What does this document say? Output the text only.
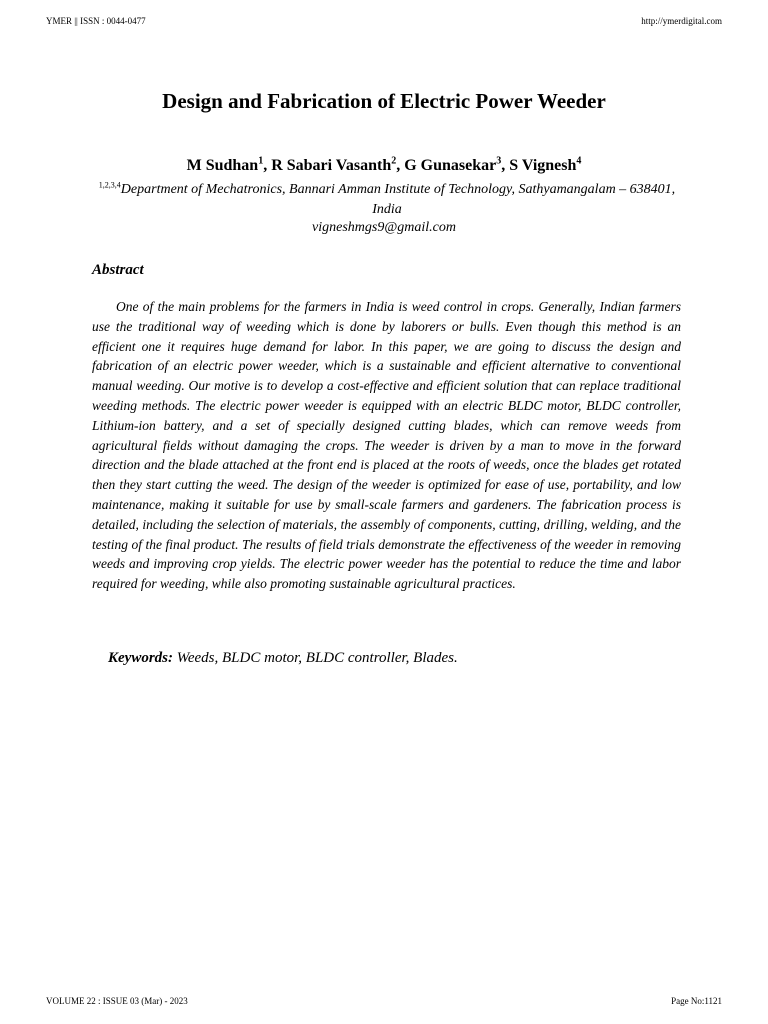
YMER || ISSN : 0044-0477	http://ymerdigital.com
Design and Fabrication of Electric Power Weeder
M Sudhan$^1$, R Sabari Vasanth$^2$, G Gunasekar$^3$, S Vignesh$^4$
$^{1,2,3,4}$Department of Mechatronics, Bannari Amman Institute of Technology, Sathyamangalam – 638401, India
vigneshmgs9@gmail.com
Abstract

One of the main problems for the farmers in India is weed control in crops. Generally, Indian farmers use the traditional way of weeding which is done by laborers or bulls. Even though this method is an efficient one it requires huge demand for labor. In this paper, we are going to discuss the design and fabrication of an electric power weeder, which is a sustainable and efficient alternative to conventional manual weeding. Our motive is to develop a cost-effective and efficient solution that can replace traditional weeding methods. The electric power weeder is equipped with an electric BLDC motor, BLDC controller, Lithium-ion battery, and a set of specially designed cutting blades, which can remove weeds from agricultural fields without damaging the crops. The weeder is driven by a man to move in the forward direction and the blade attached at the front end is placed at the roots of weeds, once the blades get rotated then they start cutting the weed. The design of the weeder is optimized for ease of use, portability, and low maintenance, making it suitable for use by small-scale farmers and gardeners. The fabrication process is detailed, including the selection of materials, the assembly of components, cutting, drilling, welding, and the testing of the final product. The results of field trials demonstrate the effectiveness of the weeder in removing weeds and improving crop yields. The electric power weeder has the potential to reduce the time and labor required for weeding, while also promoting sustainable agricultural practices.

Keywords: Weeds, BLDC motor, BLDC controller, Blades.
VOLUME 22 : ISSUE 03 (Mar) - 2023	Page No:1121
